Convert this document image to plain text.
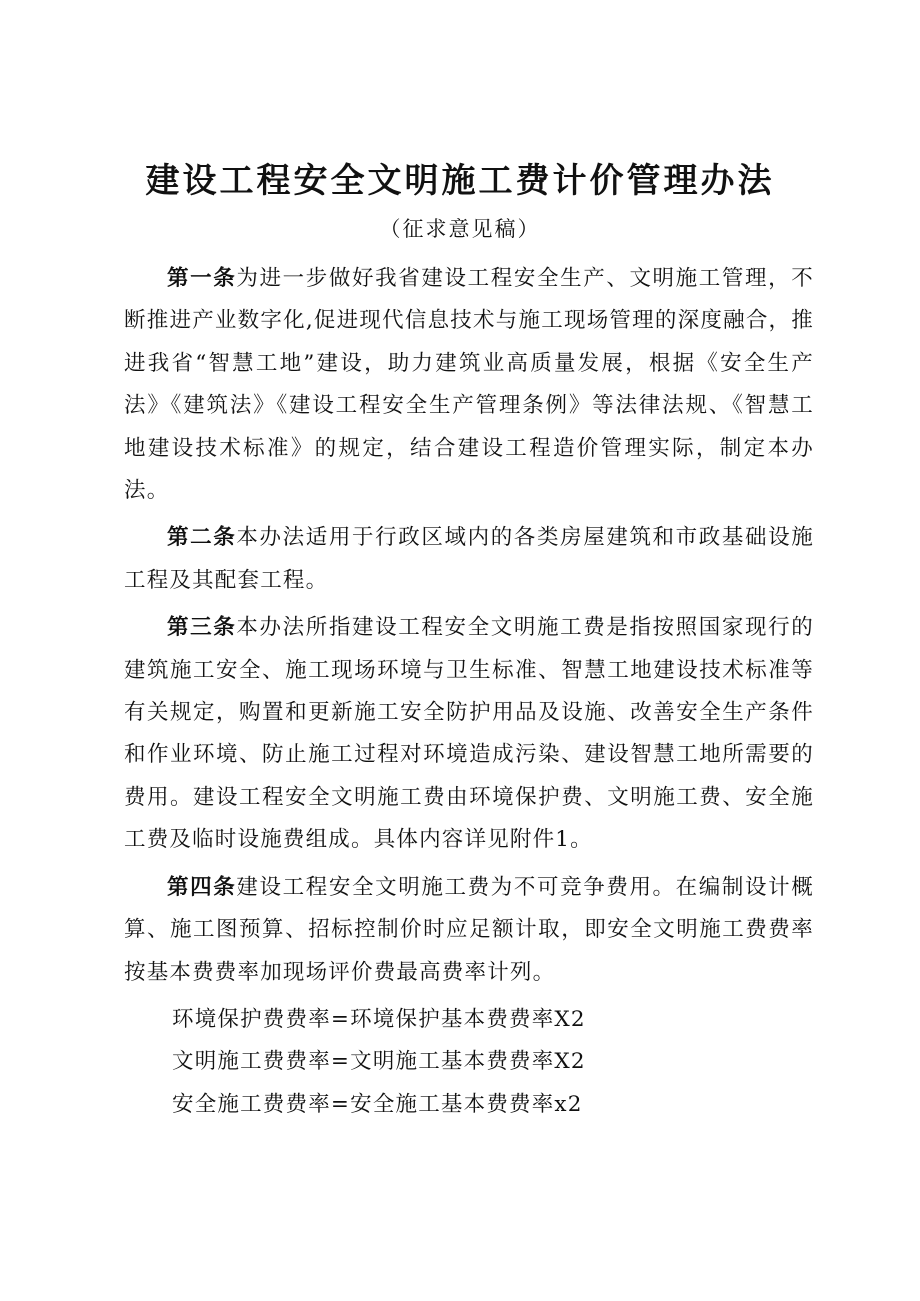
建设工程安全文明施工费计价管理办法

（征求意见稿）

第一条为进一步做好我省建设工程安全生产、文明施工管理，不断推进产业数字化,促进现代信息技术与施工现场管理的深度融合，推进我省“智慧工地”建设，助力建筑业高质量发展，根据《安全生产法》《建筑法》《建设工程安全生产管理条例》等法律法规、《智慧工地建设技术标准》的规定，结合建设工程造价管理实际，制定本办法。

第二条本办法适用于行政区域内的各类房屋建筑和市政基础设施工程及其配套工程。

第三条本办法所指建设工程安全文明施工费是指按照国家现行的建筑施工安全、施工现场环境与卫生标准、智慧工地建设技术标准等有关规定，购置和更新施工安全防护用品及设施、改善安全生产条件和作业环境、防止施工过程对环境造成污染、建设智慧工地所需要的费用。建设工程安全文明施工费由环境保护费、文明施工费、安全施工费及临时设施费组成。具体内容详见附件1。

第四条建设工程安全文明施工费为不可竞争费用。在编制设计概算、施工图预算、招标控制价时应足额计取，即安全文明施工费费率按基本费费率加现场评价费最高费率计列。

环境保护费费率=环境保护基本费费率X2

文明施工费费率=文明施工基本费费率X2

安全施工费费率=安全施工基本费费率x2
